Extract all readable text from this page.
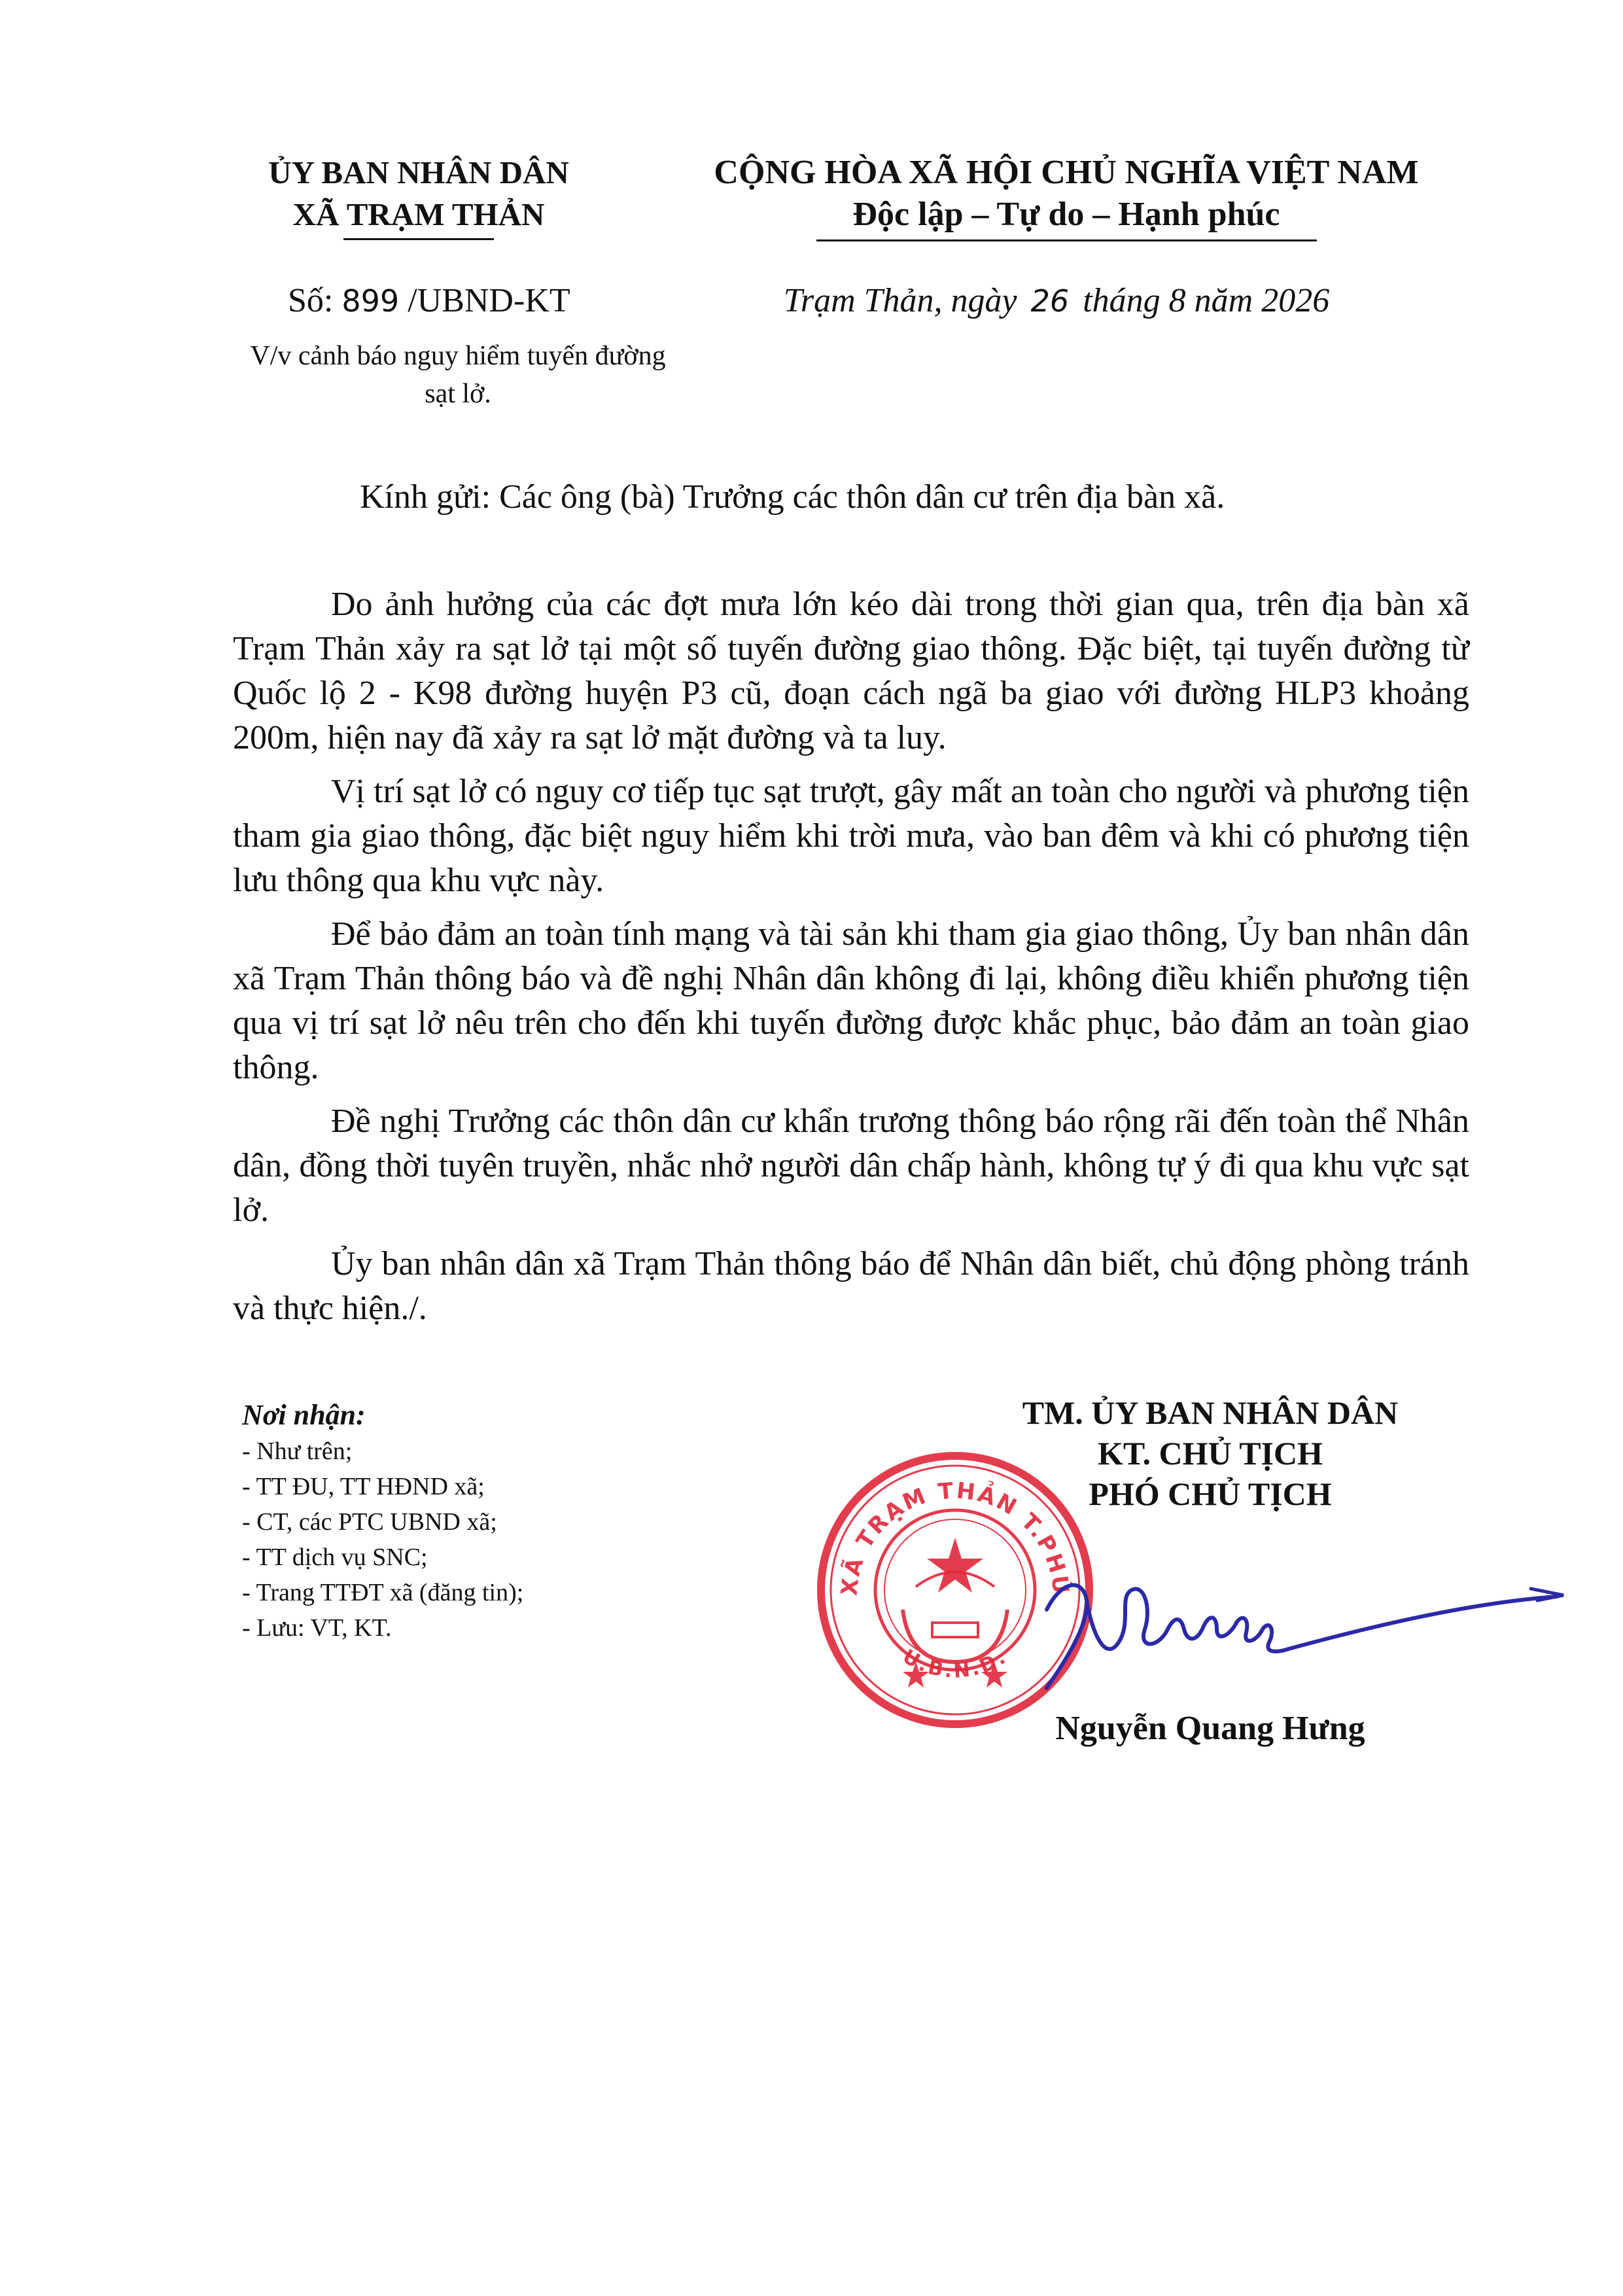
ỦY BAN NHÂN DÂN
XÃ TRẠM THẢN
CỘNG HÒA XÃ HỘI CHỦ NGHĨA VIỆT NAM
Độc lập – Tự do – Hạnh phúc
Số: 899 /UBND-KT
V/v cảnh báo nguy hiểm tuyến đường sạt lở.
Trạm Thản, ngày 26 tháng 8 năm 2026
Kính gửi: Các ông (bà) Trưởng các thôn dân cư trên địa bàn xã.

Do ảnh hưởng của các đợt mưa lớn kéo dài trong thời gian qua, trên địa bàn xã Trạm Thản xảy ra sạt lở tại một số tuyến đường giao thông. Đặc biệt, tại tuyến đường từ Quốc lộ 2 - K98 đường huyện P3 cũ, đoạn cách ngã ba giao với đường HLP3 khoảng 200m, hiện nay đã xảy ra sạt lở mặt đường và ta luy.

Vị trí sạt lở có nguy cơ tiếp tục sạt trượt, gây mất an toàn cho người và phương tiện tham gia giao thông, đặc biệt nguy hiểm khi trời mưa, vào ban đêm và khi có phương tiện lưu thông qua khu vực này.

Để bảo đảm an toàn tính mạng và tài sản khi tham gia giao thông, Ủy ban nhân dân xã Trạm Thản thông báo và đề nghị Nhân dân không đi lại, không điều khiển phương tiện qua vị trí sạt lở nêu trên cho đến khi tuyến đường được khắc phục, bảo đảm an toàn giao thông.

Đề nghị Trưởng các thôn dân cư khẩn trương thông báo rộng rãi đến toàn thể Nhân dân, đồng thời tuyên truyền, nhắc nhở người dân chấp hành, không tự ý đi qua khu vực sạt lở.

Ủy ban nhân dân xã Trạm Thản thông báo để Nhân dân biết, chủ động phòng tránh và thực hiện./.

Nơi nhận:
- Như trên;
- TT ĐU, TT HĐND xã;
- CT, các PTC UBND xã;
- TT dịch vụ SNC;
- Trang TTĐT xã (đăng tin);
- Lưu: VT, KT.
TM. ỦY BAN NHÂN DÂN
KT. CHỦ TỊCH
PHÓ CHỦ TỊCH
XÃ TRẠM THẢN T.PHÚ
U.B.N.D.
Nguyễn Quang Hưng
